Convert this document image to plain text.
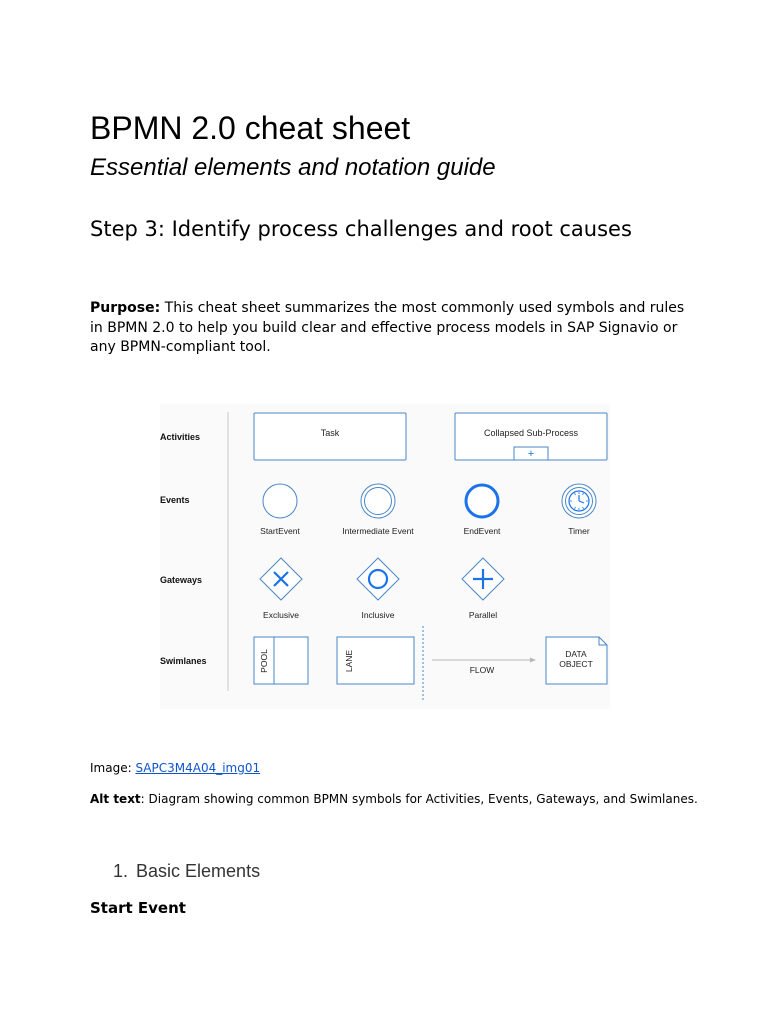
BPMN 2.0 cheat sheet
Essential elements and notation guide
Step 3: Identify process challenges and root causes
Purpose: This cheat sheet summarizes the most commonly used symbols and rules in BPMN 2.0 to help you build clear and effective process models in SAP Signavio or any BPMN-compliant tool.
Activities
Events
Gateways
Swimlanes
Task	Collapsed Sub-Process
+
StartEvent	Intermediate Event	EndEvent	Timer
Exclusive	Inclusive	Parallel
POOL	LANE	FLOW
DATA
OBJECT
Image: SAPC3M4A04_img01
Alt text: Diagram showing common BPMN symbols for Activities, Events, Gateways, and Swimlanes.
1. Basic Elements
Start Event
